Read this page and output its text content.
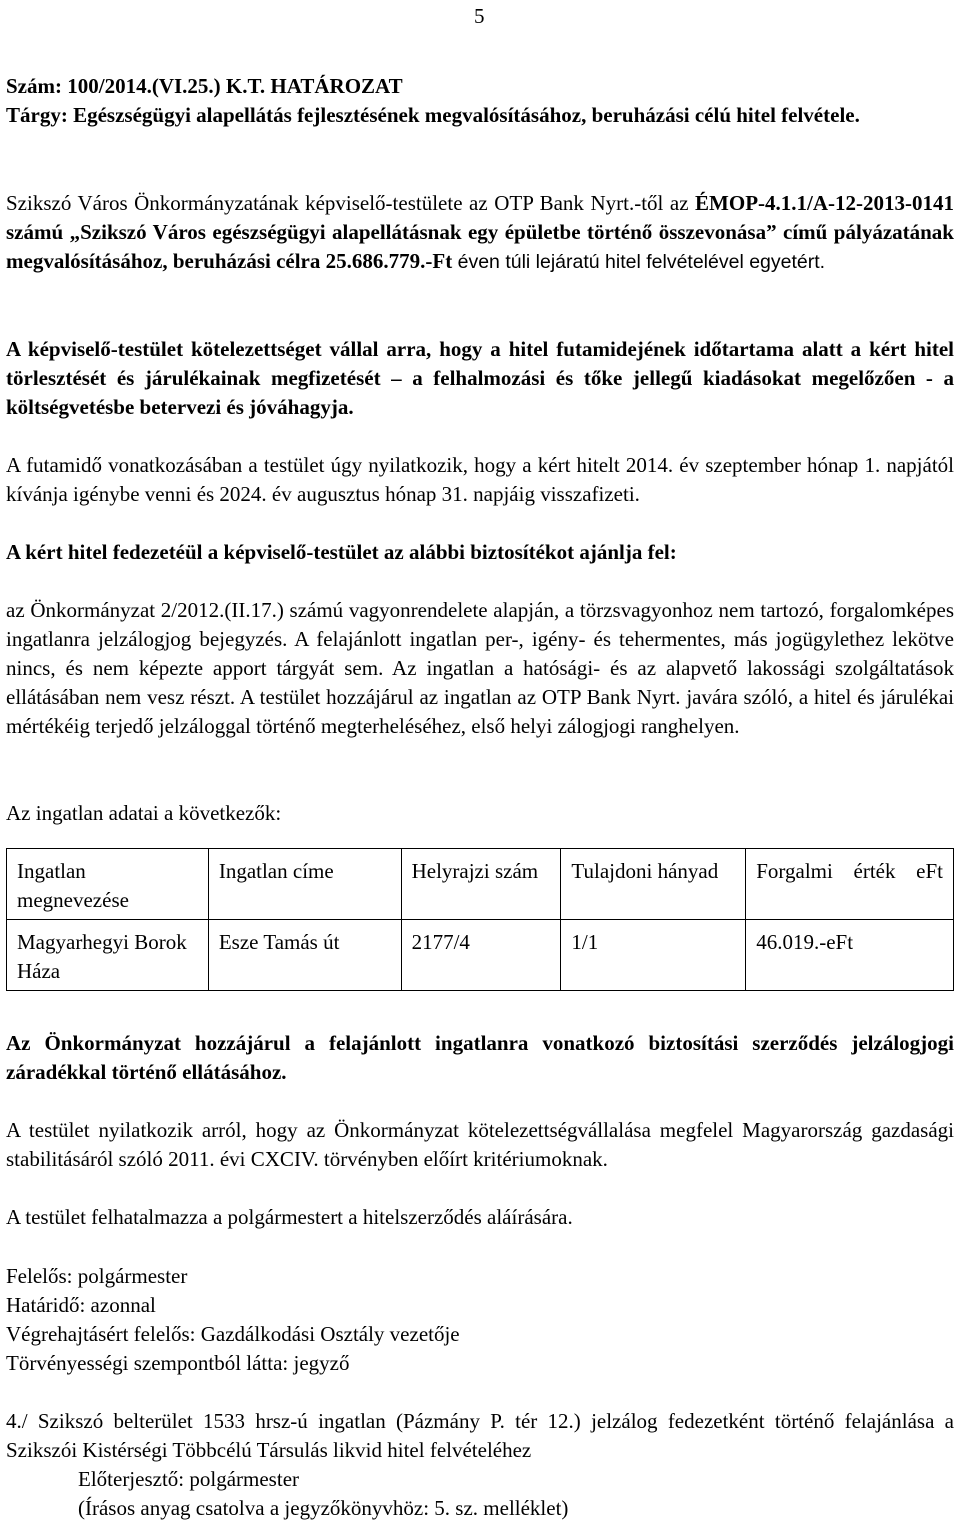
5

Szám: 100/2014.(VI.25.) K.T. HATÁROZAT

Tárgy: Egészségügyi alapellátás fejlesztésének megvalósításához, beruházási célú hitel felvétele.

Szikszó Város Önkormányzatának képviselő-testülete az OTP Bank Nyrt.-től az ÉMOP-4.1.1/A-12-2013-0141 számú „Szikszó Város egészségügyi alapellátásnak egy épületbe történő összevonása” című pályázatának megvalósításához, beruházási célra 25.686.779.-Ft éven túli lejáratú hitel felvételével egyetért.

A képviselő-testület kötelezettséget vállal arra, hogy a hitel futamidejének időtartama alatt a kért hitel törlesztését és járulékainak megfizetését – a felhalmozási és tőke jellegű kiadásokat megelőzően - a költségvetésbe betervezi és jóváhagyja.

A futamidő vonatkozásában a testület úgy nyilatkozik, hogy a kért hitelt 2014. év szeptember hónap 1. napjától kívánja igénybe venni és 2024. év augusztus hónap 31. napjáig visszafizeti.

A kért hitel fedezetéül a képviselő-testület az alábbi biztosítékot ajánlja fel:

az Önkormányzat 2/2012.(II.17.) számú vagyonrendelete alapján, a törzsvagyonhoz nem tartozó, forgalomképes ingatlanra jelzálogjog bejegyzés. A felajánlott ingatlan per-, igény- és tehermentes, más jogügylethez lekötve nincs, és nem képezte apport tárgyát sem. Az ingatlan a hatósági- és az alapvető lakossági szolgáltatások ellátásában nem vesz részt. A testület hozzájárul az ingatlan az OTP Bank Nyrt. javára szóló, a hitel és járulékai mértékéig terjedő jelzáloggal történő megterheléséhez, első helyi zálogjogi ranghelyen.

Az ingatlan adatai a következők:

Ingatlan megnevezése	Ingatlan címe	Helyrajzi szám	Tulajdoni hányad	Forgalmi érték eFt
Magyarhegyi Borok Háza	Esze Tamás út	2177/4	1/1	46.019.-eFt

Az Önkormányzat hozzájárul a felajánlott ingatlanra vonatkozó biztosítási szerződés jelzálogjogi záradékkal történő ellátásához.

A testület nyilatkozik arról, hogy az Önkormányzat kötelezettségvállalása megfelel Magyarország gazdasági stabilitásáról szóló 2011. évi CXCIV. törvényben előírt kritériumoknak.

A testület felhatalmazza a polgármestert a hitelszerződés aláírására.

Felelős: polgármester

Határidő: azonnal

Végrehajtásért felelős: Gazdálkodási Osztály vezetője

Törvényességi szempontból látta: jegyző

4./ Szikszó belterület 1533 hrsz-ú ingatlan (Pázmány P. tér 12.) jelzálog fedezetként történő felajánlása a Szikszói Kistérségi Többcélú Társulás likvid hitel felvételéhez

Előterjesztő: polgármester

(Írásos anyag csatolva a jegyzőkönyvhöz: 5. sz. melléklet)
